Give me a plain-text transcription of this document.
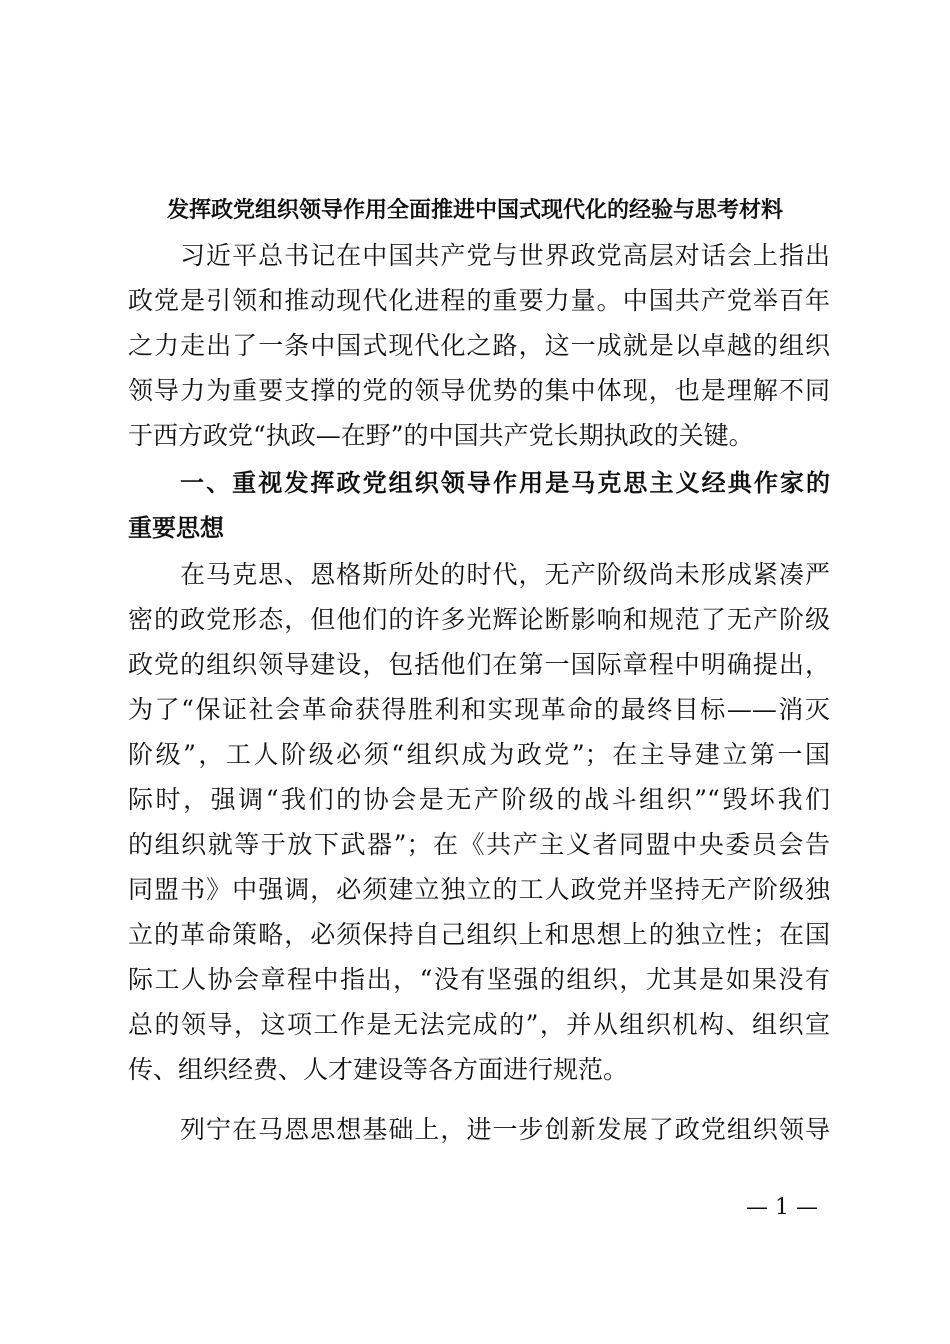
发挥政党组织领导作用全面推进中国式现代化的经验与思考材料
习近平总书记在中国共产党与世界政党高层对话会上指出
政党是引领和推动现代化进程的重要力量。中国共产党举百年
之力走出了一条中国式现代化之路，这一成就是以卓越的组织
领导力为重要支撑的党的领导优势的集中体现，也是理解不同
于西方政党“执政—在野”的中国共产党长期执政的关键。
一、重视发挥政党组织领导作用是马克思主义经典作家的
重要思想
在马克思、恩格斯所处的时代，无产阶级尚未形成紧凑严
密的政党形态，但他们的许多光辉论断影响和规范了无产阶级
政党的组织领导建设，包括他们在第一国际章程中明确提出，
为了“保证社会革命获得胜利和实现革命的最终目标——消灭
阶级”，工人阶级必须“组织成为政党”；在主导建立第一国
际时，强调“我们的协会是无产阶级的战斗组织”“毁坏我们
的组织就等于放下武器”；在《共产主义者同盟中央委员会告
同盟书》中强调，必须建立独立的工人政党并坚持无产阶级独
立的革命策略，必须保持自己组织上和思想上的独立性；在国
际工人协会章程中指出，“没有坚强的组织，尤其是如果没有
总的领导，这项工作是无法完成的”，并从组织机构、组织宣
传、组织经费、人才建设等各方面进行规范。
列宁在马恩思想基础上，进一步创新发展了政党组织领导
— 1 —
